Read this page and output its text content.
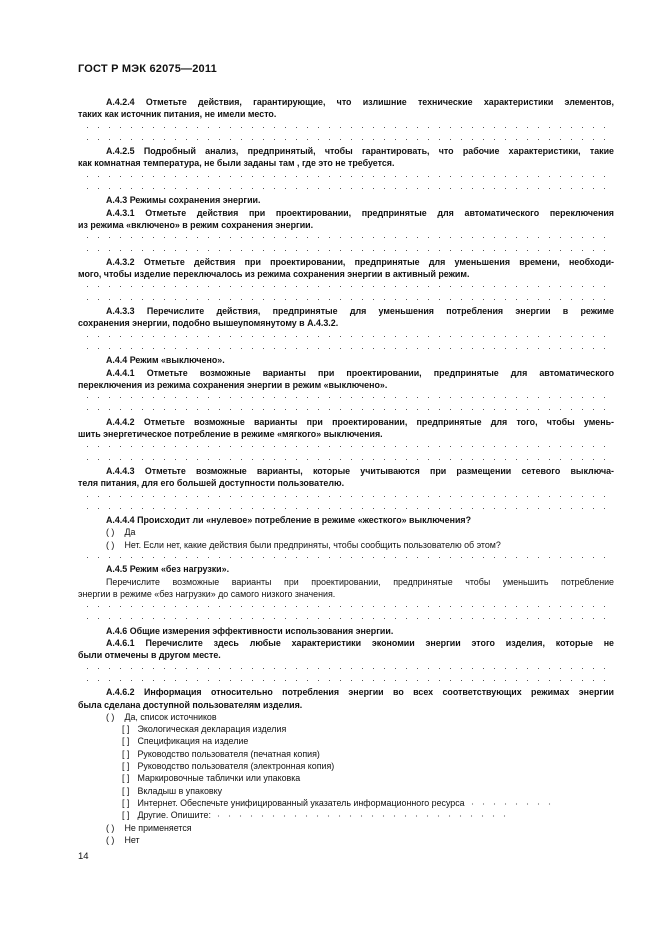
ГОСТ Р МЭК 62075—2011
A.4.2.4 Отметьте действия, гарантирующие, что излишние технические характеристики элементов,
таких как источник питания, не имели место.
A.4.2.5 Подробный анализ, предпринятый, чтобы гарантировать, что рабочие характеристики, такие
как комнатная температура, не были заданы там , где это не требуется.
A.4.3 Режимы сохранения энергии.
A.4.3.1 Отметьте действия при проектировании, предпринятые для автоматического переключения
из режима «включено» в режим сохранения энергии.
A.4.3.2 Отметьте действия при проектировании, предпринятые для уменьшения времени, необходи-
мого, чтобы изделие переключалось из режима сохранения энергии в активный режим.
A.4.3.3 Перечислите действия, предпринятые для уменьшения потребления энергии в режиме
сохранения энергии, подобно вышеупомянутому в A.4.3.2.
A.4.4 Режим «выключено».
A.4.4.1 Отметьте возможные варианты при проектировании, предпринятые для автоматического
переключения из режима сохранения энергии в режим «выключено».
A.4.4.2 Отметьте возможные варианты при проектировании, предпринятые для того, чтобы умень-
шить энергетическое потребление в режиме «мягкого» выключения.
A.4.4.3 Отметьте возможные варианты, которые учитываются при размещении сетевого выключа-
теля питания, для его большей доступности пользователю.
A.4.4.4 Происходит ли «нулевое» потребление в режиме «жесткого» выключения?
( ) Да
( ) Нет. Если нет, какие действия были предприняты, чтобы сообщить пользователю об этом?
A.4.5 Режим «без нагрузки».
Перечислите возможные варианты при проектировании, предпринятые чтобы уменьшить потребление
энергии в режиме «без нагрузки» до самого низкого значения.
A.4.6 Общие измерения эффективности использования энергии.
A.4.6.1 Перечислите здесь любые характеристики экономии энергии этого изделия, которые не
были отмечены в другом месте.
A.4.6.2 Информация относительно потребления энергии во всех соответствующих режимах энергии
была сделана доступной пользователям изделия.
( ) Да, список источников
[ ] Экологическая декларация изделия
[ ] Спецификация на изделие
[ ] Руководство пользователя (печатная копия)
[ ] Руководство пользователя (электронная копия)
[ ] Маркировочные таблички или упаковка
[ ] Вкладыш в упаковку
[ ] Интернет. Обеспечьте унифицированный указатель информационного ресурса
[ ] Другие. Опишите:
( ) Не применяется
( ) Нет
14
